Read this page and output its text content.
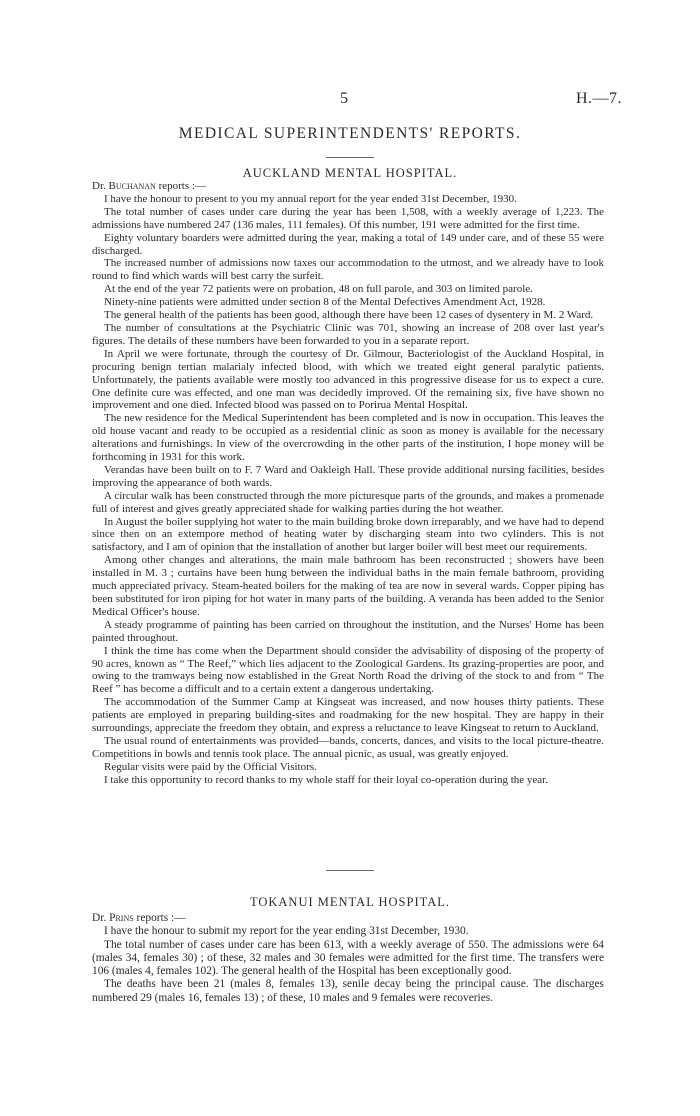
5	H.—7.
MEDICAL SUPERINTENDENTS' REPORTS.
AUCKLAND MENTAL HOSPITAL.

Dr. Buchanan reports :—

I have the honour to present to you my annual report for the year ended 31st December, 1930.

The total number of cases under care during the year has been 1,508, with a weekly average of 1,223. The admissions have numbered 247 (136 males, 111 females). Of this number, 191 were admitted for the first time.

Eighty voluntary boarders were admitted during the year, making a total of 149 under care, and of these 55 were discharged.

The increased number of admissions now taxes our accommodation to the utmost, and we already have to look round to find which wards will best carry the surfeit.

At the end of the year 72 patients were on probation, 48 on full parole, and 303 on limited parole.

Ninety-nine patients were admitted under section 8 of the Mental Defectives Amendment Act, 1928.

The general health of the patients has been good, although there have been 12 cases of dysentery in M. 2 Ward.

The number of consultations at the Psychiatric Clinic was 701, showing an increase of 208 over last year's figures. The details of these numbers have been forwarded to you in a separate report.

In April we were fortunate, through the courtesy of Dr. Gilmour, Bacteriologist of the Auckland Hospital, in procuring benign tertian malarialy infected blood, with which we treated eight general paralytic patients. Unfortunately, the patients available were mostly too advanced in this progressive disease for us to expect a cure. One definite cure was effected, and one man was decidedly improved. Of the remaining six, five have shown no improvement and one died. Infected blood was passed on to Porirua Mental Hospital.

The new residence for the Medical Superintendent has been completed and is now in occupation. This leaves the old house vacant and ready to be occupied as a residential clinic as soon as money is available for the necessary alterations and furnishings. In view of the overcrowding in the other parts of the institution, I hope money will be forthcoming in 1931 for this work.

Verandas have been built on to F. 7 Ward and Oakleigh Hall. These provide additional nursing facilities, besides improving the appearance of both wards.

A circular walk has been constructed through the more picturesque parts of the grounds, and makes a promenade full of interest and gives greatly appreciated shade for walking parties during the hot weather.

In August the boiler supplying hot water to the main building broke down irreparably, and we have had to depend since then on an extempore method of heating water by discharging steam into two cylinders. This is not satisfactory, and I am of opinion that the installation of another but larger boiler will best meet our requirements.

Among other changes and alterations, the main male bathroom has been reconstructed ; showers have been installed in M. 3 ; curtains have been hung between the individual baths in the main female bathroom, providing much appreciated privacy. Steam-heated boilers for the making of tea are now in several wards. Copper piping has been substituted for iron piping for hot water in many parts of the building. A veranda has been added to the Senior Medical Officer's house.

A steady programme of painting has been carried on throughout the institution, and the Nurses' Home has been painted throughout.

I think the time has come when the Department should consider the advisability of disposing of the property of 90 acres, known as “ The Reef,” which lies adjacent to the Zoological Gardens. Its grazing-properties are poor, and owing to the tramways being now established in the Great North Road the driving of the stock to and from “ The Reef ” has become a difficult and to a certain extent a dangerous undertaking.

The accommodation of the Summer Camp at Kingseat was increased, and now houses thirty patients. These patients are employed in preparing building-sites and roadmaking for the new hospital. They are happy in their surroundings, appreciate the freedom they obtain, and express a reluctance to leave Kingseat to return to Auckland.

The usual round of entertainments was provided—bands, concerts, dances, and visits to the local picture-theatre. Competitions in bowls and tennis took place. The annual picnic, as usual, was greatly enjoyed.

Regular visits were paid by the Official Visitors.

I take this opportunity to record thanks to my whole staff for their loyal co-operation during the year.

TOKANUI MENTAL HOSPITAL.

Dr. Prins reports :—

I have the honour to submit my report for the year ending 31st December, 1930.

The total number of cases under care has been 613, with a weekly average of 550. The admissions were 64 (males 34, females 30) ; of these, 32 males and 30 females were admitted for the first time. The transfers were 106 (males 4, females 102). The general health of the Hospital has been exceptionally good.

The deaths have been 21 (males 8, females 13), senile decay being the principal cause. The discharges numbered 29 (males 16, females 13) ; of these, 10 males and 9 females were recoveries.
